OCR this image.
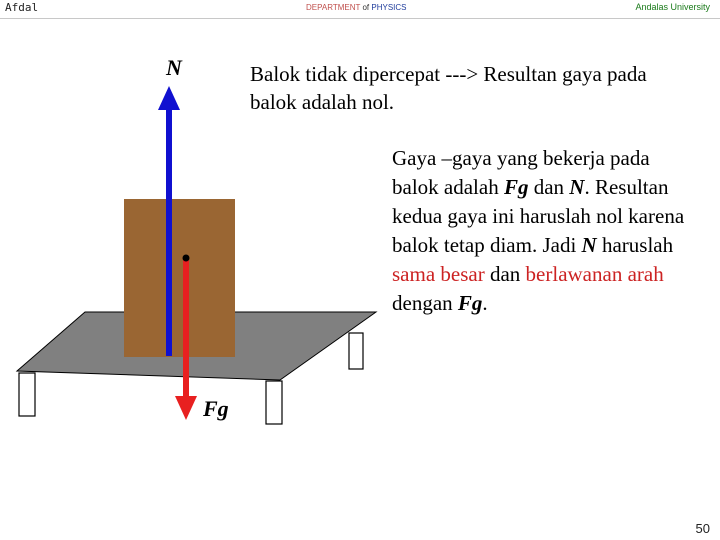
Afdal	DEPARTMENT of PHYSICS	Andalas University
N
Fg
Balok tidak dipercepat ---> Resultan gaya pada balok adalah nol.
Gaya –gaya yang bekerja pada balok adalah Fg dan N. Resultan kedua gaya ini haruslah nol karena balok tetap diam. Jadi N haruslah sama besar dan berlawanan arah dengan Fg.
50
